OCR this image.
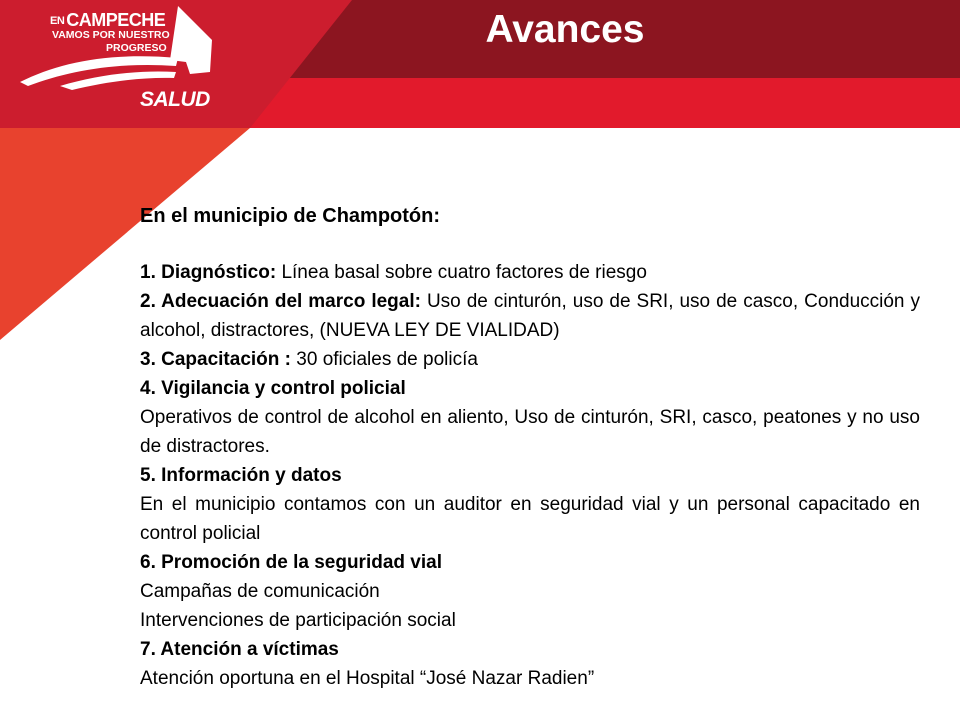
EN CAMPECHE
VAMOS POR NUESTRO
PROGRESO
SALUD
Avances
En el municipio de Champotón:
1. Diagnóstico: Línea basal sobre cuatro factores de riesgo
2. Adecuación del marco legal: Uso de cinturón, uso de SRI, uso de casco, Conducción y alcohol, distractores, (NUEVA LEY DE VIALIDAD)
3. Capacitación : 30 oficiales de policía
4. Vigilancia y control policial
Operativos de control de alcohol en aliento, Uso de cinturón, SRI, casco, peatones y no uso de distractores.
5. Información y datos
En el municipio contamos con un auditor en seguridad vial y un personal capacitado en control policial
6. Promoción de la seguridad vial
Campañas de comunicación
Intervenciones de participación social
7. Atención a víctimas
Atención oportuna en el Hospital “José Nazar Radien”
